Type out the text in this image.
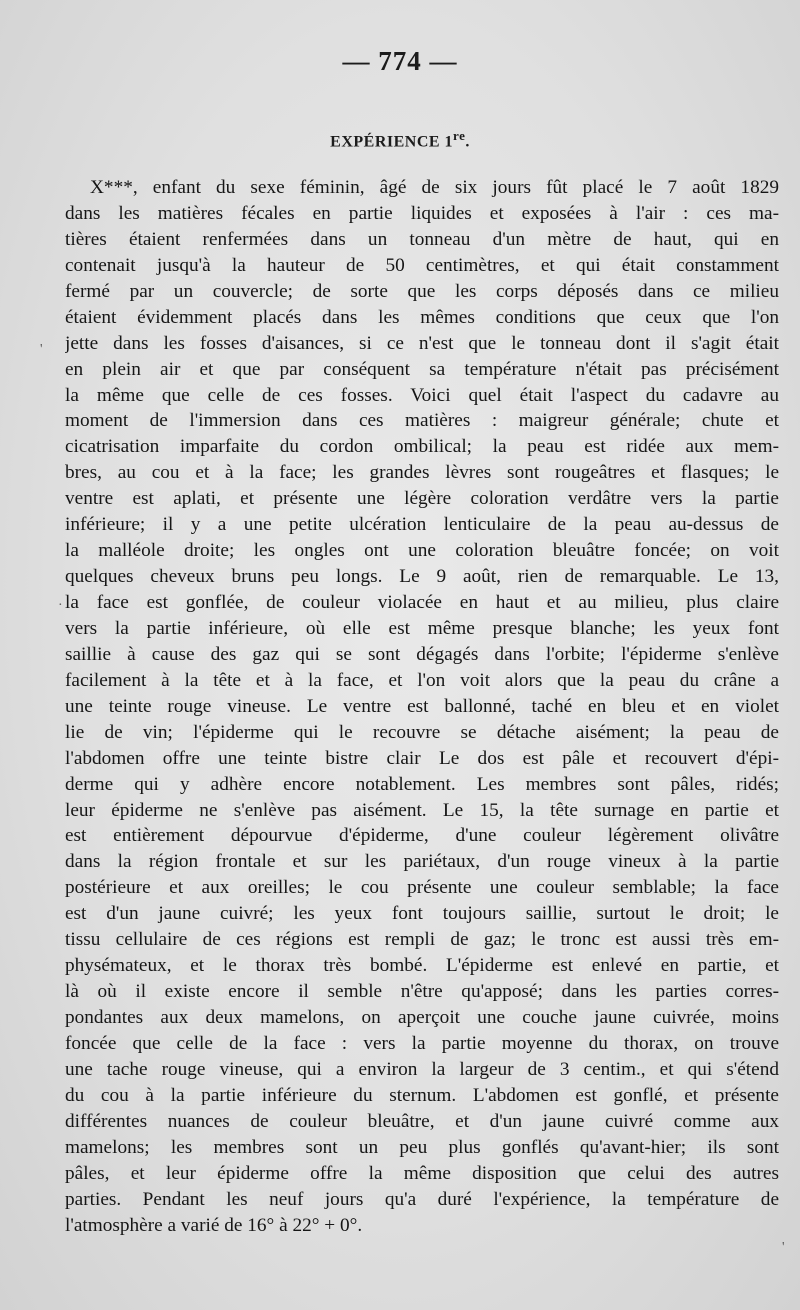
— 774 —
EXPÉRIENCE 1re.
X***, enfant du sexe féminin, âgé de six jours fût placé le 7 août 1829
dans les matières fécales en partie liquides et exposées à l'air : ces ma-
tières étaient renfermées dans un tonneau d'un mètre de haut, qui en
contenait jusqu'à la hauteur de 50 centimètres, et qui était constamment
fermé par un couvercle; de sorte que les corps déposés dans ce milieu
étaient évidemment placés dans les mêmes conditions que ceux que l'on
jette dans les fosses d'aisances, si ce n'est que le tonneau dont il s'agit était
en plein air et que par conséquent sa température n'était pas précisément
la même que celle de ces fosses. Voici quel était l'aspect du cadavre au
moment de l'immersion dans ces matières : maigreur générale; chute et
cicatrisation imparfaite du cordon ombilical; la peau est ridée aux mem-
bres, au cou et à la face; les grandes lèvres sont rougeâtres et flasques; le
ventre est aplati, et présente une légère coloration verdâtre vers la partie
inférieure; il y a une petite ulcération lenticulaire de la peau au-dessus de
la malléole droite; les ongles ont une coloration bleuâtre foncée; on voit
quelques cheveux bruns peu longs. Le 9 août, rien de remarquable. Le 13,
la face est gonflée, de couleur violacée en haut et au milieu, plus claire
vers la partie inférieure, où elle est même presque blanche; les yeux font
saillie à cause des gaz qui se sont dégagés dans l'orbite; l'épiderme s'enlève
facilement à la tête et à la face, et l'on voit alors que la peau du crâne a
une teinte rouge vineuse. Le ventre est ballonné, taché en bleu et en violet
lie de vin; l'épiderme qui le recouvre se détache aisément; la peau de
l'abdomen offre une teinte bistre clair Le dos est pâle et recouvert d'épi-
derme qui y adhère encore notablement. Les membres sont pâles, ridés;
leur épiderme ne s'enlève pas aisément. Le 15, la tête surnage en partie et
est entièrement dépourvue d'épiderme, d'une couleur légèrement olivâtre
dans la région frontale et sur les pariétaux, d'un rouge vineux à la partie
postérieure et aux oreilles; le cou présente une couleur semblable; la face
est d'un jaune cuivré; les yeux font toujours saillie, surtout le droit; le
tissu cellulaire de ces régions est rempli de gaz; le tronc est aussi très em-
physémateux, et le thorax très bombé. L'épiderme est enlevé en partie, et
là où il existe encore il semble n'être qu'apposé; dans les parties corres-
pondantes aux deux mamelons, on aperçoit une couche jaune cuivrée, moins
foncée que celle de la face : vers la partie moyenne du thorax, on trouve
une tache rouge vineuse, qui a environ la largeur de 3 centim., et qui s'étend
du cou à la partie inférieure du sternum. L'abdomen est gonflé, et présente
différentes nuances de couleur bleuâtre, et d'un jaune cuivré comme aux
mamelons; les membres sont un peu plus gonflés qu'avant-hier; ils sont
pâles, et leur épiderme offre la même disposition que celui des autres
parties. Pendant les neuf jours qu'a duré l'expérience, la température de
l'atmosphère a varié de 16° à 22° + 0°.
'
·
'
